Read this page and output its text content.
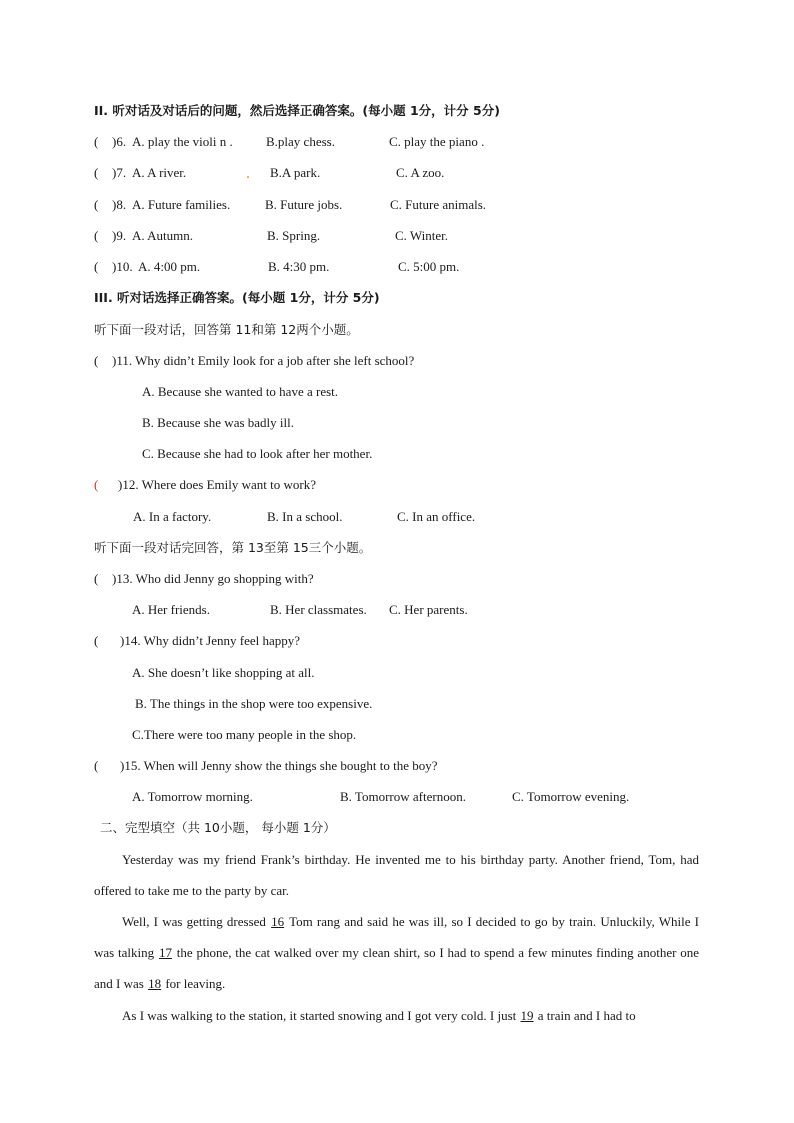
II. 听对话及对话后的问题，然后选择正确答案。(每小题 1分，计分 5分)
( )6. A. play the violi n .	B.play chess.	C. play the piano .
( )7. A. A river.	B.A park.	C. A zoo.
( )8. A. Future families.	B. Future jobs.	C. Future animals.
( )9. A. Autumn.	B. Spring.	C. Winter.
( )10. A. 4:00 pm.	B. 4:30 pm.	C. 5:00 pm.
III. 听对话选择正确答案。(每小题 1分，计分 5分)
听下面一段对话，回答第 11和第 12两个小题。
( )11. Why didn’t Emily look for a job after she left school?
A. Because she wanted to have a rest.
B. Because she was badly ill.
C. Because she had to look after her mother.
( )12. Where does Emily want to work?
A. In a factory.	B. In a school.	C. In an office.
听下面一段对话完回答，第 13至第 15三个小题。
( )13. Who did Jenny go shopping with?
A. Her friends.	B. Her classmates. C. Her parents.
( )14. Why didn’t Jenny feel happy?
A. She doesn’t like shopping at all.
B. The things in the shop were too expensive.
C.There were too many people in the shop.
( )15. When will Jenny show the things she bought to the boy?
A. Tomorrow morning.	B. Tomorrow afternoon.	C. Tomorrow evening.
二、完型填空（共 10小题， 每小题 1分）
Yesterday was my friend Frank’s birthday. He invented me to his birthday party. Another friend, Tom, had offered to take me to the party by car.
Well, I was getting dressed 16 Tom rang and said he was ill, so I decided to go by train. Unluckily, While I was talking 17 the phone, the cat walked over my clean shirt, so I had to spend a few minutes finding another one and I was 18 for leaving.
As I was walking to the station, it started snowing and I got very cold. I just 19 a train and I had to
